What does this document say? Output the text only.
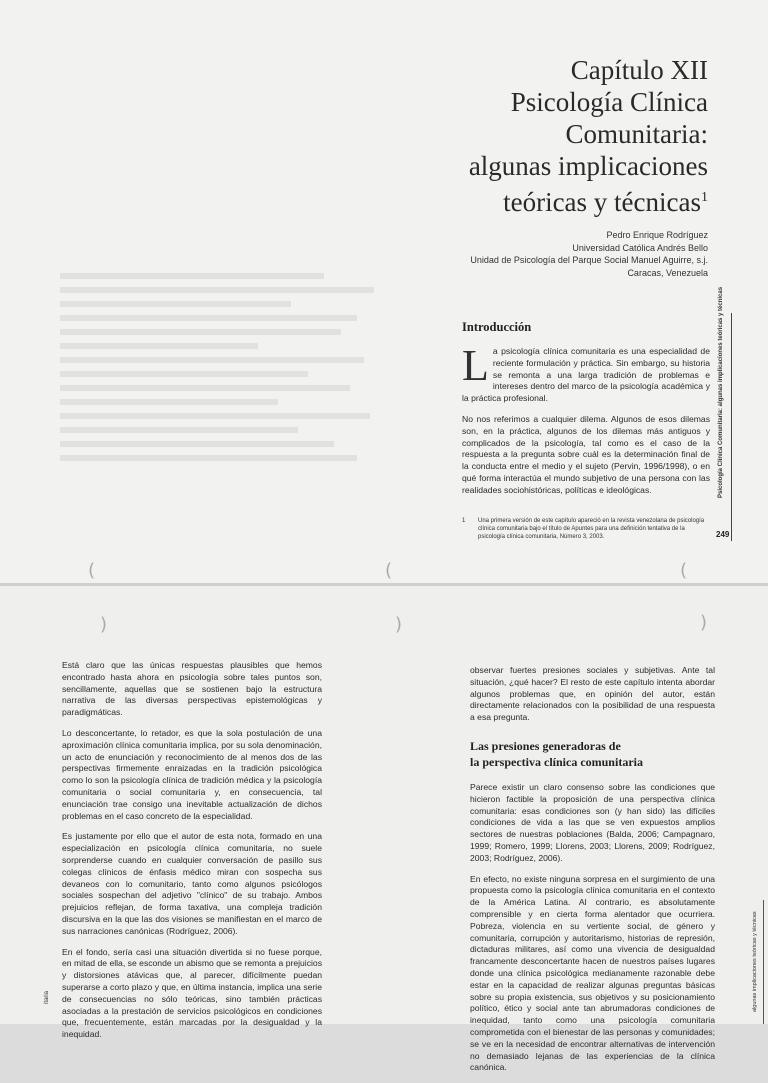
Capítulo XII
Psicología Clínica
Comunitaria:
algunas implicaciones
teóricas y técnicas$^1$
Pedro Enrique Rodríguez
Universidad Católica Andrés Bello
Unidad de Psicología del Parque Social Manuel Aguirre, s.j.
Caracas, Venezuela
Introducción

La psicología clínica comunitaria es una especialidad de reciente formulación y práctica. Sin embargo, su historia se remonta a una larga tradición de problemas e intereses dentro del marco de la psicología académica y la práctica profesional.

No nos referimos a cualquier dilema. Algunos de esos dilemas son, en la práctica, algunos de los dilemas más antiguos y complicados de la psicología, tal como es el caso de la respuesta a la pregunta sobre cuál es la determinación final de la conducta entre el medio y el sujeto (Pervin, 1996/1998), o en qué forma interactúa el mundo subjetivo de una persona con las realidades sociohistóricas, políticas e ideológicas.

1	Una primera versión de este capítulo apareció en la revista venezolana de psicología clínica comunitaria bajo el título de Apuntes para una definición tentativa de la psicología clínica comunitaria, Número 3, 2003.
Psicología Clínica Comunitaria: algunas implicaciones teóricas y técnicas
249
(	(	(
)	)	)

Está claro que las únicas respuestas plausibles que hemos encontrado hasta ahora en psicología sobre tales puntos son, sencillamente, aquellas que se sostienen bajo la estructura narrativa de las diversas perspectivas epistemológicas y paradigmáticas.

Lo desconcertante, lo retador, es que la sola postulación de una aproximación clínica comunitaria implica, por su sola denominación, un acto de enunciación y reconocimiento de al menos dos de las perspectivas firmemente enraizadas en la tradición psicológica como lo son la psicología clínica de tradición médica y la psicología comunitaria o social comunitaria y, en consecuencia, tal enunciación trae consigo una inevitable actualización de dichos problemas en el caso concreto de la especialidad.

Es justamente por ello que el autor de esta nota, formado en una especialización en psicología clínica comunitaria, no suele sorprenderse cuando en cualquier conversación de pasillo sus colegas clínicos de énfasis médico miran con sospecha sus devaneos con lo comunitario, tanto como algunos psicólogos sociales sospechan del adjetivo "clínico" de su trabajo. Ambos prejuicios reflejan, de forma taxativa, una compleja tradición discursiva en la que las dos visiones se manifiestan en el marco de sus narraciones canónicas (Rodríguez, 2006).

En el fondo, sería casi una situación divertida si no fuese porque, en mitad de ella, se esconde un abismo que se remonta a prejuicios y distorsiones atávicas que, al parecer, difícilmente puedan superarse a corto plazo y que, en última instancia, implica una serie de consecuencias no sólo teóricas, sino también prácticas asociadas a la prestación de servicios psicológicos en condiciones que, frecuentemente, están marcadas por la desigualdad y la inequidad.

observar fuertes presiones sociales y subjetivas. Ante tal situación, ¿qué hacer? El resto de este capítulo intenta abordar algunos problemas que, en opinión del autor, están directamente relacionados con la posibilidad de una respuesta a esa pregunta.

Las presiones generadoras de
la perspectiva clínica comunitaria

Parece existir un claro consenso sobre las condiciones que hicieron factible la proposición de una perspectiva clínica comunitaria: esas condiciones son (y han sido) las difíciles condiciones de vida a las que se ven expuestos amplios sectores de nuestras poblaciones (Balda, 2006; Campagnaro, 1999; Romero, 1999; Llorens, 2003; Llorens, 2009; Rodríguez, 2003; Rodríguez, 2006).

En efecto, no existe ninguna sorpresa en el surgimiento de una propuesta como la psicología clínica comunitaria en el contexto de la América Latina. Al contrario, es absolutamente comprensible y en cierta forma alentador que ocurriera. Pobreza, violencia en su vertiente social, de género y comunitaria, corrupción y autoritarismo, historias de represión, dictaduras militares, así como una vivencia de desigualdad francamente desconcertante hacen de nuestros países lugares donde una clínica psicológica medianamente razonable debe estar en la capacidad de realizar algunas preguntas básicas sobre su propia existencia, sus objetivos y su posicionamiento político, ético y social ante tan abrumadoras condiciones de inequidad, tanto como una psicología comunitaria comprometida con el bienestar de las personas y comunidades; se ve en la necesidad de encontrar alternativas de intervención no demasiado lejanas de las experiencias de la clínica canónica.

itaria	algunas implicaciones teóricas y técnicas
